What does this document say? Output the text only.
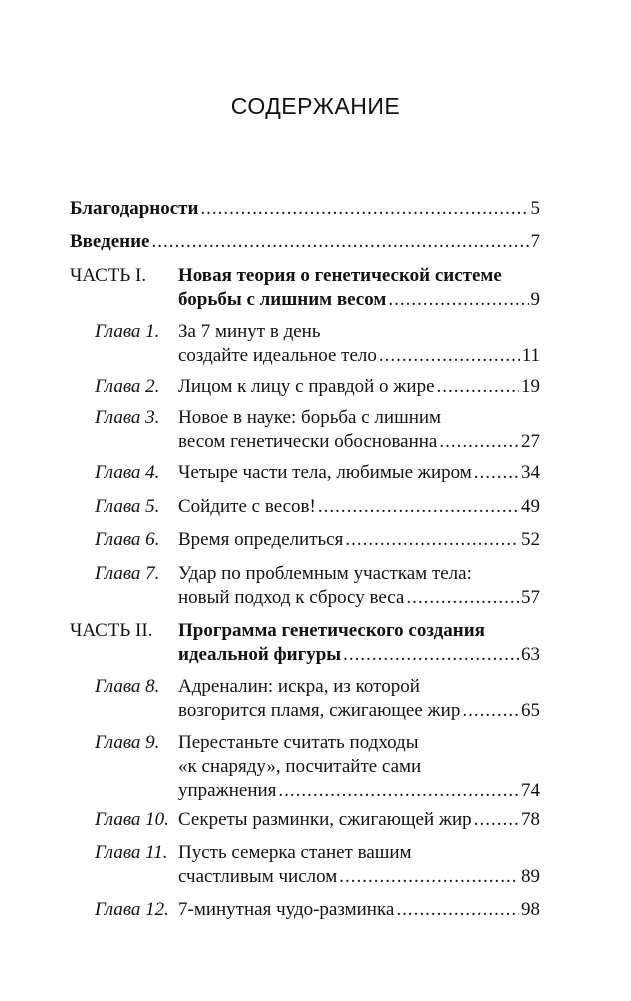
СОДЕРЖАНИЕ
Благодарности .....	5
Введение .....	7
ЧАСТЬ I. Новая теория о генетической системе
борьбы с лишним весом .....	9
Глава 1. За 7 минут в день
создайте идеальное тело .....	11
Глава 2. Лицом к лицу с правдой о жире .....	19
Глава 3. Новое в науке: борьба с лишним
весом генетически обоснованна .....	27
Глава 4. Четыре части тела, любимые жиром .....	34
Глава 5. Сойдите с весов! .....	49
Глава 6. Время определиться .....	52
Глава 7. Удар по проблемным участкам тела:
новый подход к сбросу веса .....	57
ЧАСТЬ II. Программа генетического создания
идеальной фигуры .....	63
Глава 8. Адреналин: искра, из которой
возгорится пламя, сжигающее жир .....	65
Глава 9. Перестаньте считать подходы
«к снаряду», посчитайте сами
упражнения .....	74
Глава 10. Секреты разминки, сжигающей жир .....	78
Глава 11. Пусть семерка станет вашим
счастливым числом .....	89
Глава 12. 7-минутная чудо-разминка .....	98
